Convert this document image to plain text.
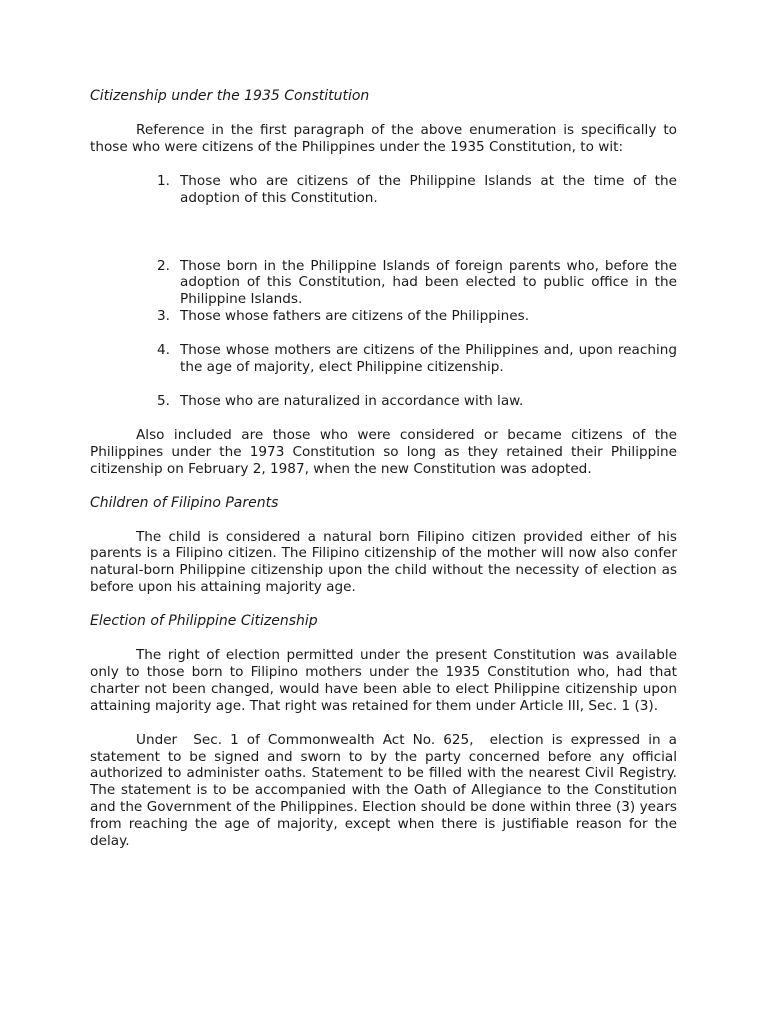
Citizenship under the 1935 Constitution

Reference in the first paragraph of the above enumeration is specifically to those who were citizens of the Philippines under the 1935 Constitution, to wit:

1. Those who are citizens of the Philippine Islands at the time of the adoption of this Constitution.
2. Those born in the Philippine Islands of foreign parents who, before the adoption of this Constitution, had been elected to public office in the Philippine Islands.
3. Those whose fathers are citizens of the Philippines.
4. Those whose mothers are citizens of the Philippines and, upon reaching the age of majority, elect Philippine citizenship.
5. Those who are naturalized in accordance with law.

Also included are those who were considered or became citizens of the Philippines under the 1973 Constitution so long as they retained their Philippine citizenship on February 2, 1987, when the new Constitution was adopted.

Children of Filipino Parents

The child is considered a natural born Filipino citizen provided either of his parents is a Filipino citizen. The Filipino citizenship of the mother will now also confer natural-born Philippine citizenship upon the child without the necessity of election as before upon his attaining majority age.

Election of Philippine Citizenship

The right of election permitted under the present Constitution was available only to those born to Filipino mothers under the 1935 Constitution who, had that charter not been changed, would have been able to elect Philippine citizenship upon attaining majority age. That right was retained for them under Article III, Sec. 1 (3).

Under  Sec. 1 of Commonwealth Act No. 625,  election is expressed in a statement to be signed and sworn to by the party concerned before any official authorized to administer oaths. Statement to be filled with the nearest Civil Registry. The statement is to be accompanied with the Oath of Allegiance to the Constitution and the Government of the Philippines. Election should be done within three (3) years from reaching the age of majority, except when there is justifiable reason for the delay.
